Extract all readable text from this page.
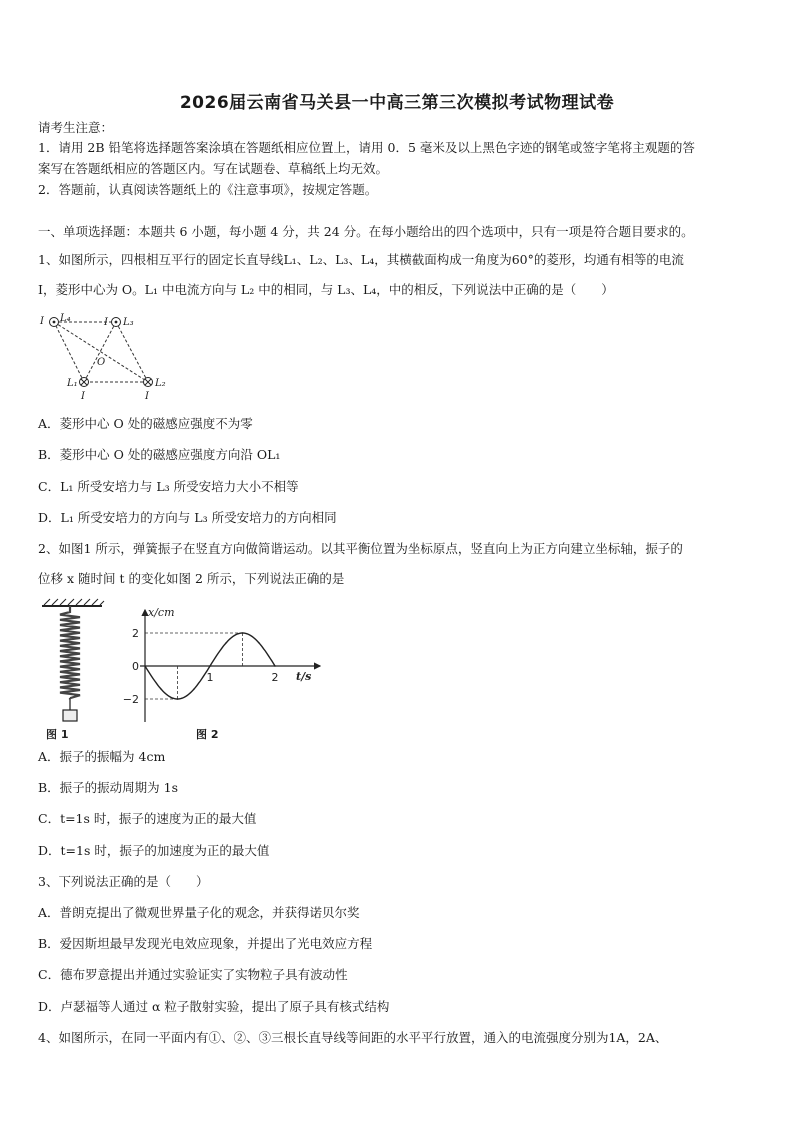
2026届云南省马关县一中高三第三次模拟考试物理试卷
请考生注意：
1．请用 2B 铅笔将选择题答案涂填在答题纸相应位置上，请用 0．5 毫米及以上黑色字迹的钢笔或签字笔将主观题的答
案写在答题纸相应的答题区内。写在试题卷、草稿纸上均无效。
2．答题前，认真阅读答题纸上的《注意事项》，按规定答题。
一、单项选择题：本题共 6 小题，每小题 4 分，共 24 分。在每小题给出的四个选项中，只有一项是符合题目要求的。
1、如图所示，四根相互平行的固定长直导线L₁、L₂、L₃、L₄，其横截面构成一角度为60°的菱形，均通有相等的电流
I，菱形中心为 O。L₁ 中电流方向与 L₂ 中的相同，与 L₃、L₄，中的相反，下列说法中正确的是（　　）
I L₄	I L₃
O
L₁	L₂
I	I
A．菱形中心 O 处的磁感应强度不为零
B．菱形中心 O 处的磁感应强度方向沿 OL₁
C．L₁ 所受安培力与 L₃ 所受安培力大小不相等
D．L₁ 所受安培力的方向与 L₃ 所受安培力的方向相同
2、如图1 所示，弹簧振子在竖直方向做简谐运动。以其平衡位置为坐标原点，竖直向上为正方向建立坐标轴，振子的
位移 x 随时间 t 的变化如图 2 所示，下列说法正确的是
图 1
x/cm
t/s
2
0
−2
1	2
图 2
A．振子的振幅为 4cm
B．振子的振动周期为 1s
C．t=1s 时，振子的速度为正的最大值
D．t=1s 时，振子的加速度为正的最大值
3、下列说法正确的是（　　）
A．普朗克提出了微观世界量子化的观念，并获得诺贝尔奖
B．爱因斯坦最早发现光电效应现象，并提出了光电效应方程
C．德布罗意提出并通过实验证实了实物粒子具有波动性
D．卢瑟福等人通过 α 粒子散射实验，提出了原子具有核式结构
4、如图所示，在同一平面内有①、②、③三根长直导线等间距的水平平行放置，通入的电流强度分别为1A，2A、
